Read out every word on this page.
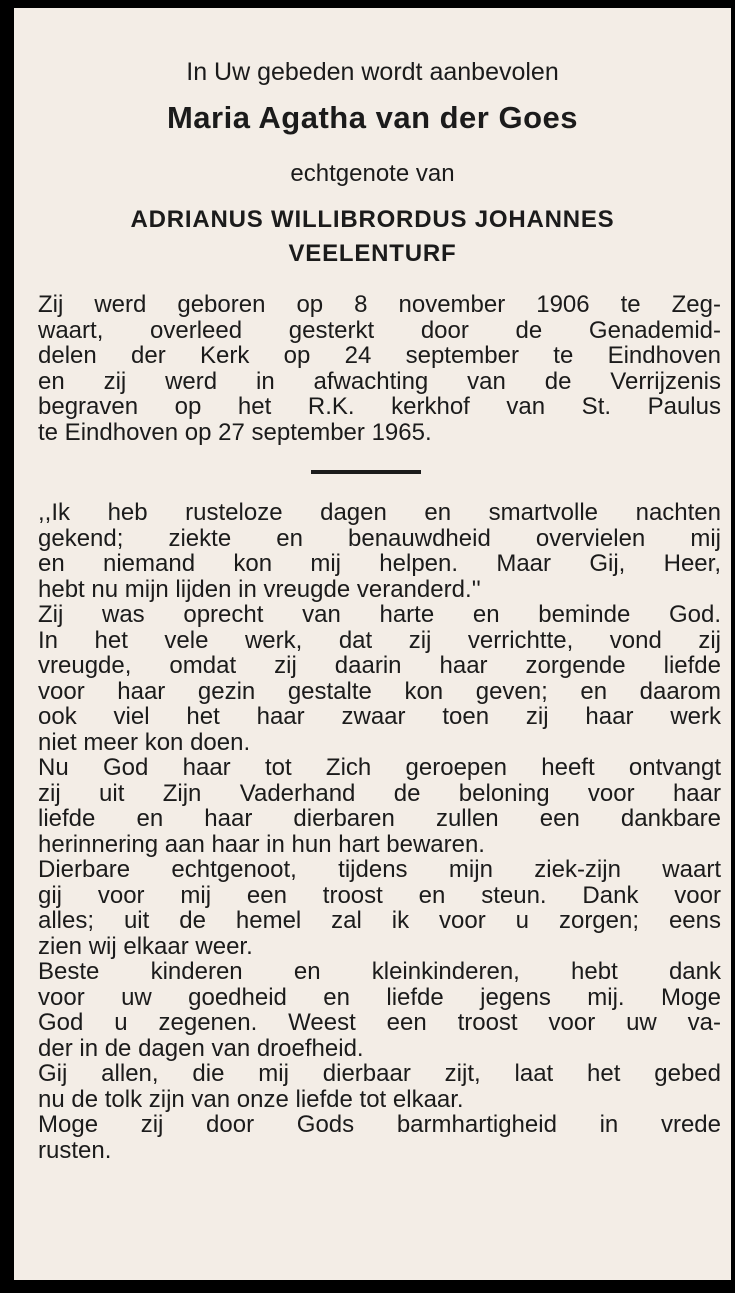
In Uw gebeden wordt aanbevolen
Maria Agatha van der Goes
echtgenote van
ADRIANUS WILLIBRORDUS JOHANNES
VEELENTURF
Zij werd geboren op 8 november 1906 te Zeg-
waart, overleed gesterkt door de Genademid-
delen der Kerk op 24 september te Eindhoven
en zij werd in afwachting van de Verrijzenis
begraven op het R.K. kerkhof van St. Paulus
te Eindhoven op 27 september 1965.
,,Ik heb rusteloze dagen en smartvolle nachten
gekend; ziekte en benauwdheid overvielen mij
en niemand kon mij helpen. Maar Gij, Heer,
hebt nu mijn lijden in vreugde veranderd.''
Zij was oprecht van harte en beminde God.
In het vele werk, dat zij verrichtte, vond zij
vreugde, omdat zij daarin haar zorgende liefde
voor haar gezin gestalte kon geven; en daarom
ook viel het haar zwaar toen zij haar werk
niet meer kon doen.
Nu God haar tot Zich geroepen heeft ontvangt
zij uit Zijn Vaderhand de beloning voor haar
liefde en haar dierbaren zullen een dankbare
herinnering aan haar in hun hart bewaren.
Dierbare echtgenoot, tijdens mijn ziek-zijn waart
gij voor mij een troost en steun. Dank voor
alles; uit de hemel zal ik voor u zorgen; eens
zien wij elkaar weer.
Beste kinderen en kleinkinderen, hebt dank
voor uw goedheid en liefde jegens mij. Moge
God u zegenen. Weest een troost voor uw va-
der in de dagen van droefheid.
Gij allen, die mij dierbaar zijt, laat het gebed
nu de tolk zijn van onze liefde tot elkaar.
Moge zij door Gods barmhartigheid in vrede
rusten.
